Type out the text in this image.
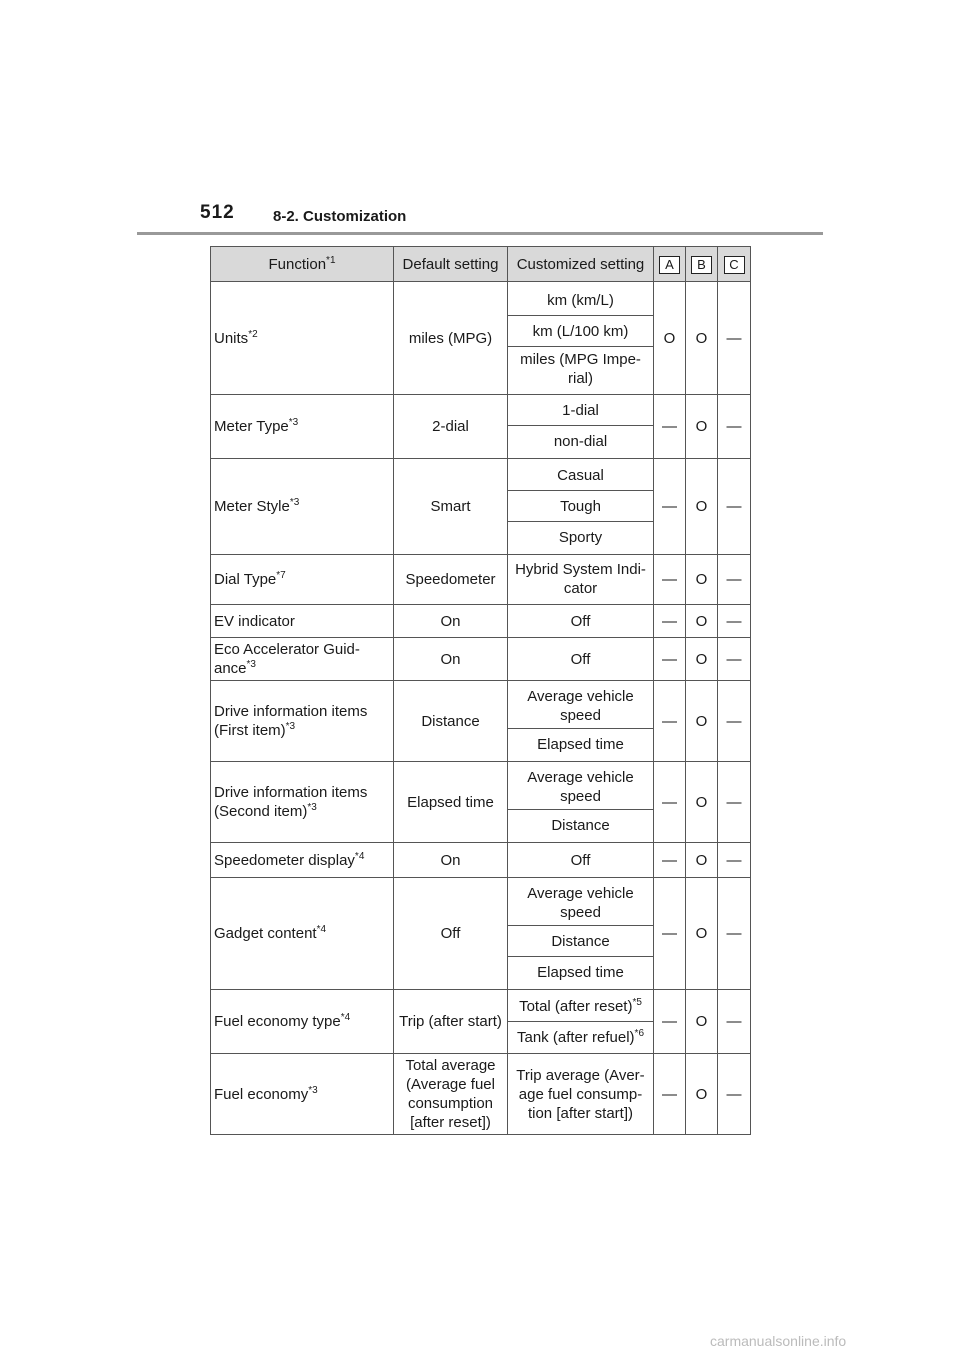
512	8-2. Customization
Function$^{*1}$	Default setting	Customized setting	A	B	C
Units$^{*2}$	miles (MPG)	km (km/L)	O	O	—
		km (L/100 km)			
		miles (MPG Impe-rial)			
Meter Type$^{*3}$	2-dial	1-dial	—	O	—
		non-dial			
Meter Style$^{*3}$	Smart	Casual	—	O	—
		Tough			
		Sporty			
Dial Type$^{*7}$	Speedometer	Hybrid System Indi-cator	—	O	—
EV indicator	On	Off	—	O	—
Eco Accelerator Guid-ance$^{*3}$	On	Off	—	O	—
Drive information items (First item)$^{*3}$	Distance	Average vehicle speed	—	O	—
		Elapsed time			
Drive information items (Second item)$^{*3}$	Elapsed time	Average vehicle speed	—	O	—
		Distance			
Speedometer display$^{*4}$	On	Off	—	O	—
Gadget content$^{*4}$	Off	Average vehicle speed	—	O	—
		Distance			
		Elapsed time			
Fuel economy type$^{*4}$	Trip (after start)	Total (after reset)$^{*5}$	—	O	—
		Tank (after refuel)$^{*6}$
Fuel economy$^{*3}$	Total average (Average fuel consumption [after reset])	Trip average (Aver-age fuel consump-tion [after start])	—	O	—
carmanualsonline.info
